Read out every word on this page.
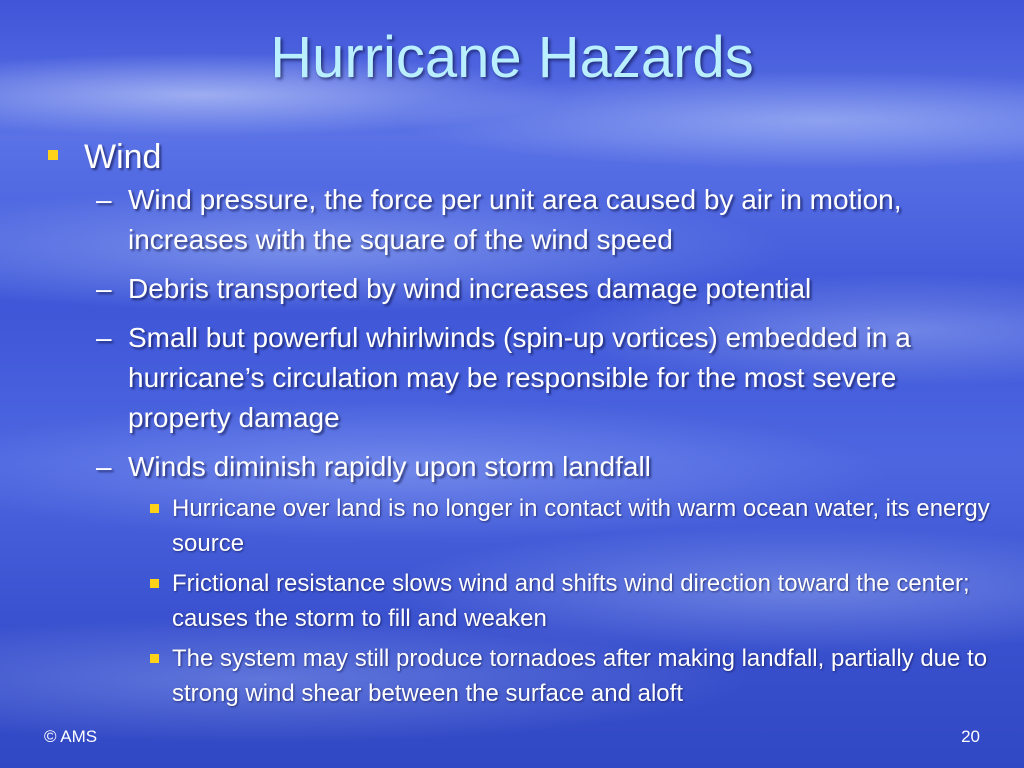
Hurricane Hazards
Wind
– Wind pressure, the force per unit area caused by air in motion, increases with the square of the wind speed
– Debris transported by wind increases damage potential
– Small but powerful whirlwinds (spin-up vortices) embedded in a hurricane’s circulation may be responsible for the most severe property damage
– Winds diminish rapidly upon storm landfall
Hurricane over land is no longer in contact with warm ocean water, its energy source
Frictional resistance slows wind and shifts wind direction toward the center; causes the storm to fill and weaken
The system may still produce tornadoes after making landfall, partially due to strong wind shear between the surface and aloft
© AMS	20
